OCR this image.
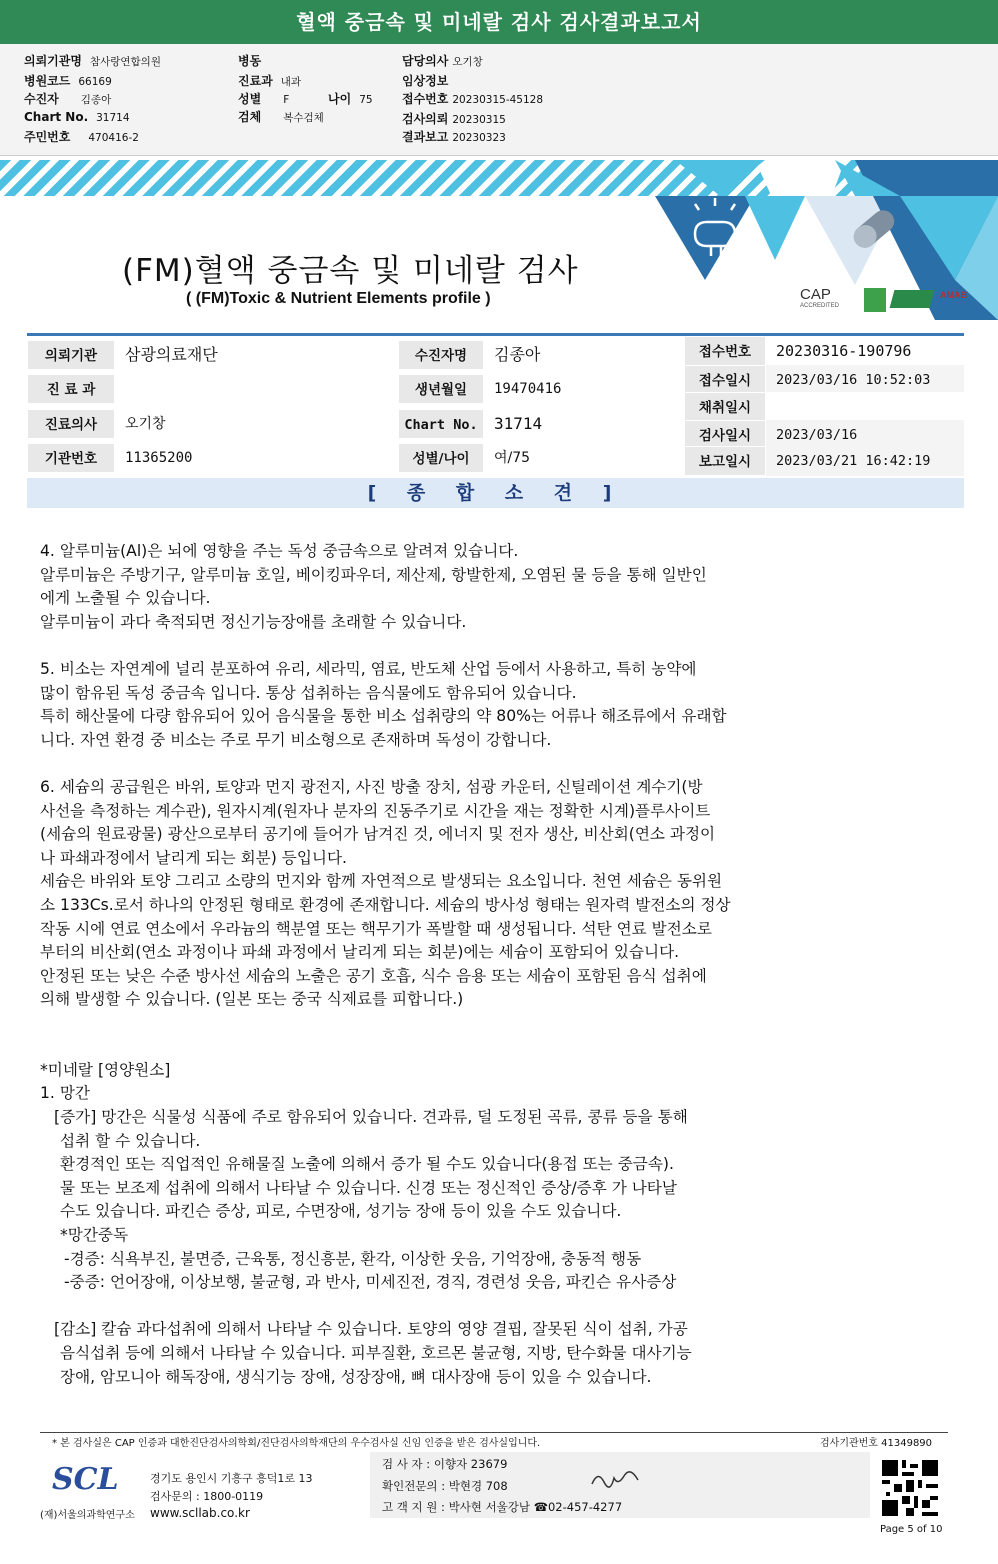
혈액 중금속 및 미네랄 검사 검사결과보고서
의뢰기관명 참사랑연합의원
병원코드 66169
수진자 김종아
Chart No. 31714
주민번호 470416-2
병동
진료과 내과
성별 F	나이 75
검체 복수검체
담당의사 오기창
임상정보
접수번호 20230315-45128
검사의뢰 20230315
결과보고 20230323
(FM)혈액 중금속 및 미네랄 검사
( (FM)Toxic & Nutrient Elements profile )	CAP
ACCREDITED
AMAB
의뢰기관	삼광의료재단
진 료 과
진료의사	오기창
기관번호	11365200
수진자명	김종아
생년월일	19470416
Chart No.	31714
성별/나이	여/75
접수번호	20230316-190796
접수일시	2023/03/16 10:52:03
채취일시
검사일시	2023/03/16
보고일시	2023/03/21 16:42:19
[ 종 합 소 견 ]

4. 알루미늄(Al)은 뇌에 영향을 주는 독성 중금속으로 알려져 있습니다.

알루미늄은 주방기구, 알루미늄 호일, 베이킹파우더, 제산제, 항발한제, 오염된 물 등을 통해 일반인

에게 노출될 수 있습니다.

알루미늄이 과다 축적되면 정신기능장애를 초래할 수 있습니다.

5. 비소는 자연계에 널리 분포하여 유리, 세라믹, 염료, 반도체 산업 등에서 사용하고, 특히 농약에

많이 함유된 독성 중금속 입니다. 통상 섭취하는 음식물에도 함유되어 있습니다.

특히 해산물에 다량 함유되어 있어 음식물을 통한 비소 섭취량의 약 80%는 어류나 해조류에서 유래합

니다. 자연 환경 중 비소는 주로 무기 비소형으로 존재하며 독성이 강합니다.

6. 세슘의 공급원은 바위, 토양과 먼지 광전지, 사진 방출 장치, 섬광 카운터, 신틸레이션 계수기(방

사선을 측정하는 계수관), 원자시계(원자나 분자의 진동주기로 시간을 재는 정확한 시계)플루사이트

(세슘의 원료광물) 광산으로부터 공기에 들어가 남겨진 것, 에너지 및 전자 생산, 비산회(연소 과정이

나 파쇄과정에서 날리게 되는 회분) 등입니다.

세슘은 바위와 토양 그리고 소량의 먼지와 함께 자연적으로 발생되는 요소입니다. 천연 세슘은 동위원

소 133Cs.로서 하나의 안정된 형태로 환경에 존재합니다. 세슘의 방사성 형태는 원자력 발전소의 정상

작동 시에 연료 연소에서 우라늄의 핵분열 또는 핵무기가 폭발할 때 생성됩니다. 석탄 연료 발전소로

부터의 비산회(연소 과정이나 파쇄 과정에서 날리게 되는 회분)에는 세슘이 포함되어 있습니다.

안정된 또는 낮은 수준 방사선 세슘의 노출은 공기 호흡, 식수 음용 또는 세슘이 포함된 음식 섭취에

의해 발생할 수 있습니다. (일본 또는 중국 식제료를 피합니다.)

*미네랄 [영양원소]

1. 망간

[증가] 망간은 식물성 식품에 주로 함유되어 있습니다. 견과류, 덜 도정된 곡류, 콩류 등을 통해

섭취 할 수 있습니다.

환경적인 또는 직업적인 유해물질 노출에 의해서 증가 될 수도 있습니다(용접 또는 중금속).

물 또는 보조제 섭취에 의해서 나타날 수 있습니다. 신경 또는 정신적인 증상/증후 가 나타날

수도 있습니다. 파킨슨 증상, 피로, 수면장애, 성기능 장애 등이 있을 수도 있습니다.

*망간중독

-경증: 식욕부진, 불면증, 근육통, 정신흥분, 환각, 이상한 웃음, 기억장애, 충동적 행동

-중증: 언어장애, 이상보행, 불균형, 과 반사, 미세진전, 경직, 경련성 웃음, 파킨슨 유사증상

[감소] 칼슘 과다섭취에 의해서 나타날 수 있습니다. 토양의 영양 결핍, 잘못된 식이 섭취, 가공

음식섭취 등에 의해서 나타날 수 있습니다. 피부질환, 호르몬 불균형, 지방, 탄수화물 대사기능

장애, 암모니아 해독장애, 생식기능 장애, 성장장애, 뼈 대사장애 등이 있을 수 있습니다.

* 본 검사실은 CAP 인증과 대한진단검사의학회/진단검사의학재단의 우수검사실 신임 인증을 받은 검사실입니다.	검사기관번호 41349890
SCL
(재)서울의과학연구소
경기도 용인시 기흥구 흥덕1로 13
검사문의 : 1800-0119
www.scllab.co.kr
검 사 자 : 이향자 23679
확인전문의 : 박현경 708
고 객 지 원 : 박사현 서울강남 ☎02-457-4277
Page 5 of 10
